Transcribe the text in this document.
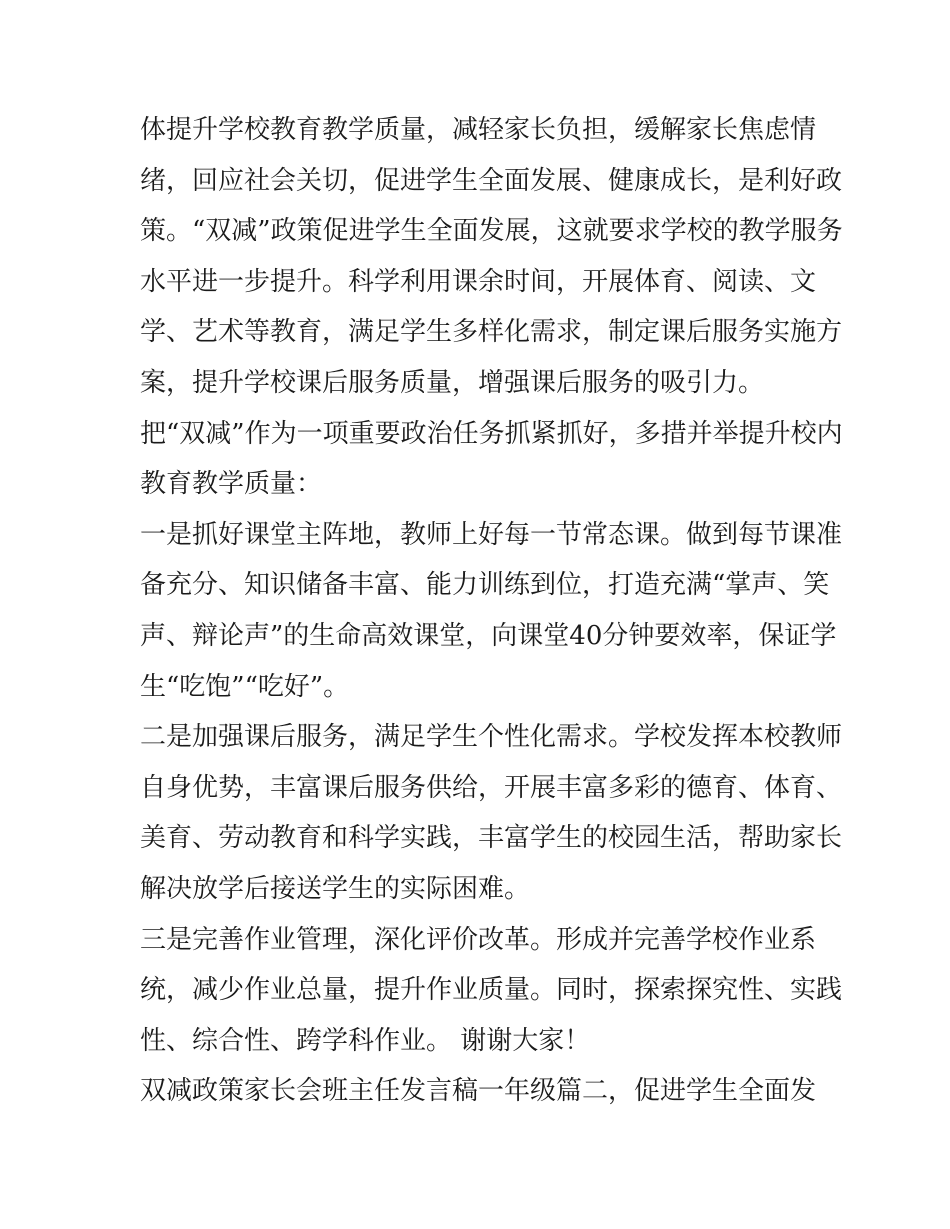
体提升学校教育教学质量，减轻家长负担，缓解家长焦虑情
绪，回应社会关切，促进学生全面发展、健康成长，是利好政
策。“双减”政策促进学生全面发展，这就要求学校的教学服务
水平进一步提升。科学利用课余时间，开展体育、阅读、文
学、艺术等教育，满足学生多样化需求，制定课后服务实施方
案，提升学校课后服务质量，增强课后服务的吸引力。
把“双减”作为一项重要政治任务抓紧抓好，多措并举提升校内
教育教学质量：
一是抓好课堂主阵地，教师上好每一节常态课。做到每节课准
备充分、知识储备丰富、能力训练到位，打造充满“掌声、笑
声、辩论声”的生命高效课堂，向课堂40分钟要效率，保证学
生“吃饱”“吃好”。
二是加强课后服务，满足学生个性化需求。学校发挥本校教师
自身优势，丰富课后服务供给，开展丰富多彩的德育、体育、
美育、劳动教育和科学实践，丰富学生的校园生活，帮助家长
解决放学后接送学生的实际困难。
三是完善作业管理，深化评价改革。形成并完善学校作业系
统，减少作业总量，提升作业质量。同时，探索探究性、实践
性、综合性、跨学科作业。 谢谢大家！
双减政策家长会班主任发言稿一年级篇二，促进学生全面发
